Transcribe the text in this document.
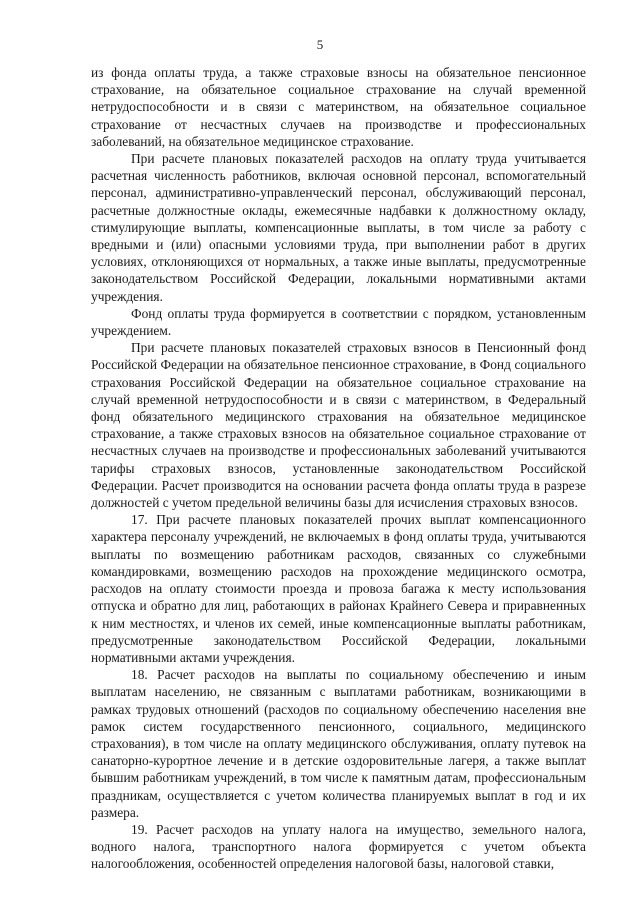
5

из фонда оплаты труда, а также страховые взносы на обязательное пенсионное страхование, на обязательное социальное страхование на случай временной нетрудоспособности и в связи с материнством, на обязательное социальное страхование от несчастных случаев на производстве и профессиональных заболеваний, на обязательное медицинское страхование.

При расчете плановых показателей расходов на оплату труда учитывается расчетная численность работников, включая основной персонал, вспомогательный персонал, административно-управленческий персонал, обслуживающий персонал, расчетные должностные оклады, ежемесячные надбавки к должностному окладу, стимулирующие выплаты, компенсационные выплаты, в том числе за работу с вредными и (или) опасными условиями труда, при выполнении работ в других условиях, отклоняющихся от нормальных, а также иные выплаты, предусмотренные законодательством Российской Федерации, локальными нормативными актами учреждения.

Фонд оплаты труда формируется в соответствии с порядком, установленным учреждением.

При расчете плановых показателей страховых взносов в Пенсионный фонд Российской Федерации на обязательное пенсионное страхование, в Фонд социального страхования Российской Федерации на обязательное социальное страхование на случай временной нетрудоспособности и в связи с материнством, в Федеральный фонд обязательного медицинского страхования на обязательное медицинское страхование, а также страховых взносов на обязательное социальное страхование от несчастных случаев на производстве и профессиональных заболеваний учитываются тарифы страховых взносов, установленные законодательством Российской Федерации. Расчет производится на основании расчета фонда оплаты труда в разрезе должностей с учетом предельной величины базы для исчисления страховых взносов.

17. При расчете плановых показателей прочих выплат компенсационного характера персоналу учреждений, не включаемых в фонд оплаты труда, учитываются выплаты по возмещению работникам расходов, связанных со служебными командировками, возмещению расходов на прохождение медицинского осмотра, расходов на оплату стоимости проезда и провоза багажа к месту использования отпуска и обратно для лиц, работающих в районах Крайнего Севера и приравненных к ним местностях, и членов их семей, иные компенсационные выплаты работникам, предусмотренные законодательством Российской Федерации, локальными нормативными актами учреждения.

18. Расчет расходов на выплаты по социальному обеспечению и иным выплатам населению, не связанным с выплатами работникам, возникающими в рамках трудовых отношений (расходов по социальному обеспечению населения вне рамок систем государственного пенсионного, социального, медицинского страхования), в том числе на оплату медицинского обслуживания, оплату путевок на санаторно-курортное лечение и в детские оздоровительные лагеря, а также выплат бывшим работникам учреждений, в том числе к памятным датам, профессиональным праздникам, осуществляется с учетом количества планируемых выплат в год и их размера.

19. Расчет расходов на уплату налога на имущество, земельного налога, водного налога, транспортного налога формируется с учетом объекта налогообложения, особенностей определения налоговой базы, налоговой ставки,
